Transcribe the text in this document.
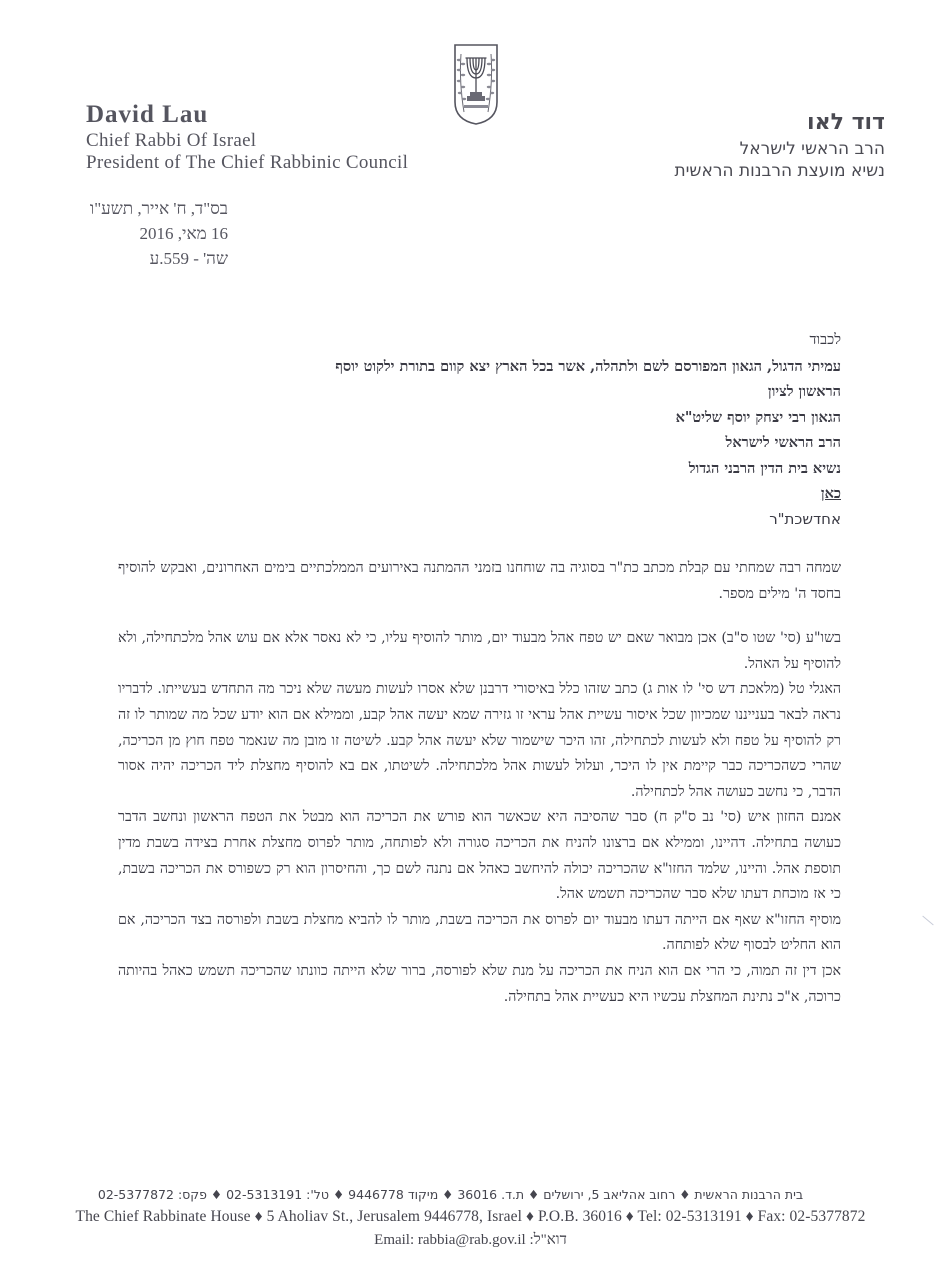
David Lau
Chief Rabbi Of Israel
President of The Chief Rabbinic Council
דוד לאו
הרב הראשי לישראל
נשיא מועצת הרבנות הראשית
בס"ד, ח' אייר, תשע"ו
16 מאי, 2016
שה' - 559.ע
לכבוד
עמיתי הדגול, הגאון המפורסם לשם ולתהלה, אשר בכל הארץ יצא קוום בתורת ילקוט יוסף
הראשון לציון
הגאון רבי יצחק יוסף שליט"א
הרב הראשי לישראל
נשיא בית הדין הרבני הגדול
כאן
אחדשכת"ר

שמחה רבה שמחתי עם קבלת מכתב כת"ר בסוגיה בה שוחחנו בזמני ההמתנה באירועים הממלכתיים בימים האחרונים, ואבקש להוסיף בחסד ה' מילים מספר.

בשו"ע (סי' שטו ס"ב) אכן מבואר שאם יש טפח אהל מבעוד יום, מותר להוסיף עליו, כי לא נאסר אלא אם עוש אהל מלכתחילה, ולא להוסיף על האהל.

האגלי טל (מלאכת דש סי' לו אות ג) כתב שזהו כלל באיסורי דרבנן שלא אסרו לעשות מעשה שלא ניכר מה התחדש בעשייתו. לדבריו נראה לבאר בענייננו שמכיוון שכל איסור עשיית אהל עראי זו גזירה שמא יעשה אהל קבע, וממילא אם הוא יודע שכל מה שמותר לו זה רק להוסיף על טפח ולא לעשות לכתחילה, זהו היכר שישמור שלא יעשה אהל קבע. לשיטה זו מובן מה שנאמר טפח חוץ מן הכריכה, שהרי כשהכריכה כבר קיימת אין לו היכר, ועלול לעשות אהל מלכתחילה. לשיטתו, אם בא להוסיף מחצלת ליד הכריכה יהיה אסור הדבר, כי נחשב כעושה אהל לכתחילה.

אמנם החזון איש (סי' נב ס"ק ח) סבר שהסיבה היא שכאשר הוא פורש את הכריכה הוא מבטל את הטפח הראשון ונחשב הדבר כעושה בתחילה. דהיינו, וממילא אם ברצונו להניח את הכריכה סגורה ולא לפותחה, מותר לפרוס מחצלת אחרת בצידה בשבת מדין תוספת אהל. והיינו, שלמד החזו"א שהכריכה יכולה להיחשב כאהל אם נתנה לשם כך, והחיסרון הוא רק כשפורס את הכריכה בשבת, כי אז מוכחת דעתו שלא סבר שהכריכה תשמש אהל.

מוסיף החזו"א שאף אם הייתה דעתו מבעוד יום לפרוס את הכריכה בשבת, מותר לו להביא מחצלת בשבת ולפורסה בצד הכריכה, אם הוא החליט לבסוף שלא לפותחה.

אכן דין זה תמוה, כי הרי אם הוא הניח את הכריכה על מנת שלא לפורסה, ברור שלא הייתה כוונתו שהכריכה תשמש כאהל בהיותה כרוכה, א"כ נתינת המחצלת עכשיו היא כעשיית אהל בתחילה.

בית הרבנות הראשית ♦ רחוב אהליאב 5, ירושלים ♦ ת.ד. 36016 ♦ מיקוד 9446778 ♦ טל': 02-5313191 ♦ פקס: 02-5377872
The Chief Rabbinate House ♦ 5 Aholiav St., Jerusalem 9446778, Israel ♦ P.O.B. 36016 ♦ Tel: 02-5313191 ♦ Fax: 02-5377872
Email: rabbia@rab.gov.il :דוא"ל
